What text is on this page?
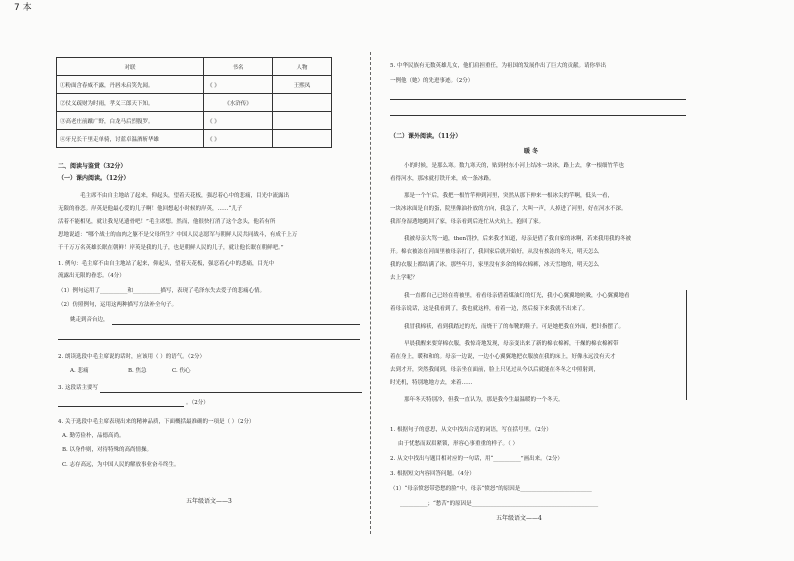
7 本
对联	书名	人物
①粉面含春威不露，丹唇未启笑先闻。	《 》	王熙凤
②仗义疏财为时雨，孝义三郎天下知。	《水浒传》	
③高老庄前蹴广野，白龙马后烈腹罗。	《 》	
④牙兄长千里走单骑，讨蓝卓温酒斩华雄	《 》	
二、阅读与鉴赏（32分）
（一）课内阅读。（12分）
毛主席不由自主地站了起来，仰起头，望着天花板，强忍着心中的悲痛，目光中流露出
无限的眷恋。岸英是他最心爱的儿子啊！他回想起小时候的岸英，……“儿子
活着不能相见，就让我见见遗骨吧！”毛主席想。然而，他很快打消了这个念头，他若有所
思地说道：“哪个战士的血肉之躯不是父母所生？中国人民志愿军与朝鲜人民共同战斗，有成千上万
千千万万名英雄长眠在朝鲜！岸英是我的儿子，也是朝鲜人民的儿子，就让他长眠在朝鲜吧。”
1. 例句：毛主席不由自主地站了起来，仰起头，望着天花板，强忍着心中的悲痛，目光中
流露出无限的眷恋。（4分）
（1）例句运用了__________和__________描写，表现了毛泽东失去爱子的悲痛心情。
（2）仿照例句，运用这两种描写方法补全句子。
姚走到音台边，
2. 朗读选段中毛主席说的话时，应该用（ ）的语气。（2分）
A. 悲痛	B. 焦急	C. 伤心
3. 这段话主要写
。（2分）
4. 关于选段中毛主席表现出来的精神品质，下面概括最准确的一项是（ ）（2分）
A. 勤劳俭朴，品德高尚。
B. 以身作则，对待特殊的高尚情操。
C. 志存高远，为中国人民的解放事业奋斗终生。
五年级语文——3
5. 中华民族有无数英雄儿女，他们肩担重任，为祖国的发展作出了巨大的贡献。请你举出
一例他（她）的先进事迹。（2分）
（二）课外阅读。（11分）
暖 冬
小的时候，是那么寒。数九寒天的，贴到村东小河上结冰一块冰，路上去，拿一根细竹竿也
看得河水，那冰就打铁开来，成一条冰路。
那是一个午后，我把一根竹竿伸到河里，突然从那下伸来一根冰尖的竿啊，低头一看，
一块冰冰面是自的蛋，院里像油扑放的方向，我急了，大叫一声，人掉进了河里，好在河水不深。
我浑身湿透地跑回了家，母亲看到后连忙从火炕上，抱回了家。
我被母亲大骂一通，then罚抄，后来我才知道，母亲是借了我自家的冰啊，若来我用我的冬被
开。棉衣被冻在河面里被母亲打了，我回家后就开始好，从没有挨冻的冬天，明天怎么
我的衣服上都结满了冰。那些年月，家里没有多余的棉衣棉裤，冰天雪地的，明天怎么
去上学呢？
我一直都自己已经在将被里，看看母亲借着煤油灯的灯光，我小心翼翼地吮吸，小心翼翼地看
着母亲说话，这是我看到了，我也就这样，看着一边，然后接下来我就不出来了。
我冒我棉袄，看到我踏过的光，而烧干了的布靴的鞋子。可是她把我在外面，把针指摆了。
早晨我醒来要穿棉衣服，我惊奇地发现，母亲变出来了新的棉衣棉裤，干燥的棉衣棉裤带
着在身上，暖和和的。母亲一边说，一边小心翼翼地把衣服放在我的床上，好像永远没有天才
去到才开，突然我闻到，母亲坐在面前，脸上只见过从今以后就能在冬冬之中照射到，
时光机，特别地地方去，来着……
那年冬天特别冷，但我一直认为，那是我今生最温暖的一个冬天。
1. 根据句子的意思，从文中找出合适的词语，写在括号里。（2分）
由于忧愁而双眉紧锁，形容心事重重的样子。（ ）
2. 从文中找出与题目相对应的一句话，用“__________”画出来。（2分）
3. 根据短文内容回答问题。（4分）
（1）“母亲愤怒带恐愁的脸”中，母亲“愤怒”的原因是__________________________
__________；“愁苦”的原因是______________________________________________
五年级语文——4
